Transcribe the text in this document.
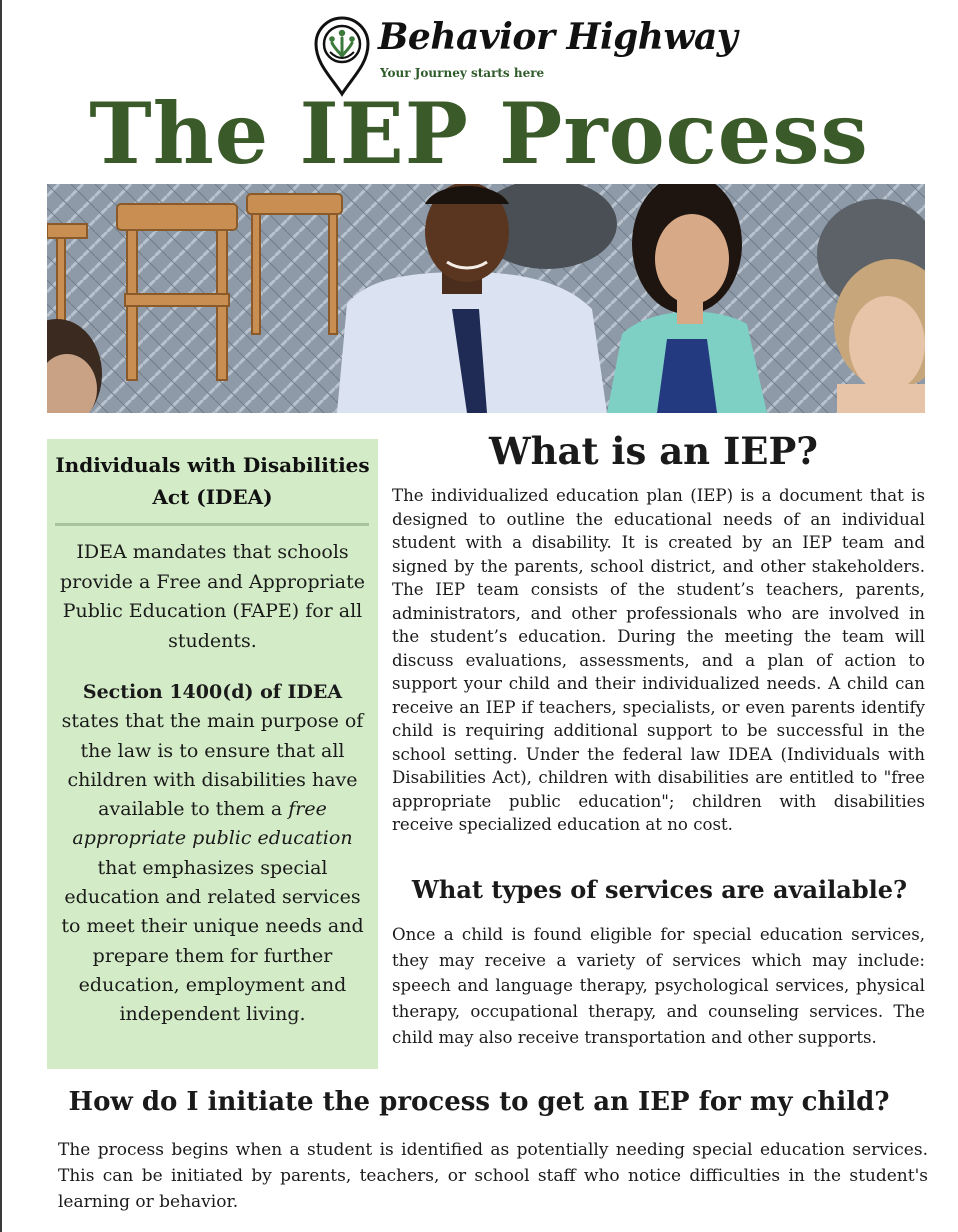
Behavior Highway
Your Journey starts here
The IEP Process
Individuals with Disabilities Act (IDEA)

IDEA mandates that schools provide a Free and Appropriate Public Education (FAPE) for all students.

Section 1400(d) of IDEA states that the main purpose of the law is to ensure that all children with disabilities have available to them a free appropriate public education that emphasizes special education and related services to meet their unique needs and prepare them for further education, employment and independent living.

What is an IEP?

The individualized education plan (IEP) is a document that is designed to outline the educational needs of an individual student with a disability. It is created by an IEP team and signed by the parents, school district, and other stakeholders. The IEP team consists of the student’s teachers, parents, administrators, and other professionals who are involved in the student’s education. During the meeting the team will discuss evaluations, assessments, and a plan of action to support your child and their individualized needs. A child can receive an IEP if teachers, specialists, or even parents identify child is requiring additional support to be successful in the school setting. Under the federal law IDEA (Individuals with Disabilities Act), children with disabilities are entitled to "free appropriate public education"; children with disabilities receive specialized education at no cost.

What types of services are available?

Once a child is found eligible for special education services, they may receive a variety of services which may include: speech and language therapy, psychological services, physical therapy, occupational therapy, and counseling services. The child may also receive transportation and other supports.

How do I initiate the process to get an IEP for my child?

The process begins when a student is identified as potentially needing special education services. This can be initiated by parents, teachers, or school staff who notice difficulties in the student's learning or behavior.
